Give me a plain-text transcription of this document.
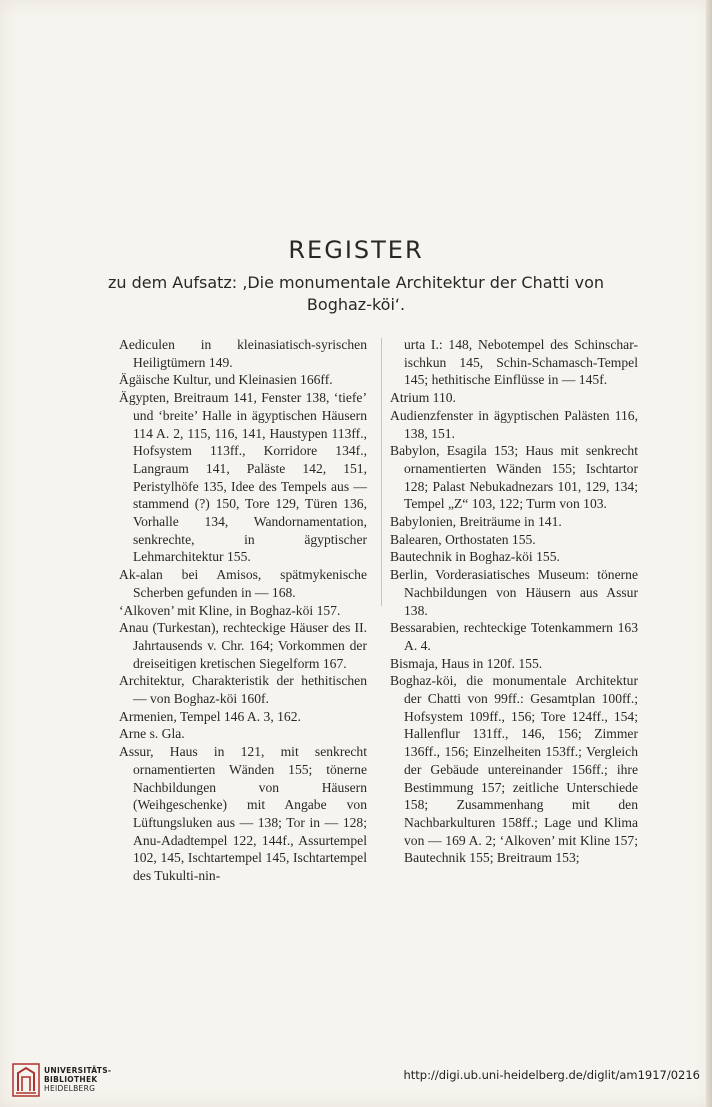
REGISTER

zu dem Aufsatz: ‚Die monumentale Architektur der Chatti von Boghaz-köi‘.

Aediculen in kleinasiatisch-syrischen Heiligtümern 149.

Ägäische Kultur, und Kleinasien 166ff.

Ägypten, Breitraum 141, Fenster 138, ‘tiefe’ und ‘breite’ Halle in ägyptischen Häusern 114 A. 2, 115, 116, 141, Haustypen 113ff., Hofsystem 113ff., Korridore 134f., Langraum 141, Paläste 142, 151, Peristylhöfe 135, Idee des Tempels aus — stammend (?) 150, Tore 129, Türen 136, Vorhalle 134, Wandornamentation, senkrechte, in ägyptischer Lehmarchitektur 155.

Ak-alan bei Amisos, spätmykenische Scherben gefunden in — 168.

‘Alkoven’ mit Kline, in Boghaz-köi 157.

Anau (Turkestan), rechteckige Häuser des II. Jahrtausends v. Chr. 164; Vorkommen der dreiseitigen kretischen Siegelform 167.

Architektur, Charakteristik der hethitischen — von Boghaz-köi 160f.

Armenien, Tempel 146 A. 3, 162.

Arne s. Gla.

Assur, Haus in 121, mit senkrecht ornamentierten Wänden 155; tönerne Nachbildungen von Häusern (Weihgeschenke) mit Angabe von Lüftungsluken aus — 138; Tor in — 128; Anu-Adadtempel 122, 144f., Assurtempel 102, 145, Ischtartempel 145, Ischtartempel des Tukulti-nin-

urta I.: 148, Nebotempel des Schinschar-ischkun 145, Schin-Schamasch-Tempel 145; hethitische Einflüsse in — 145f.

Atrium 110.

Audienzfenster in ägyptischen Palästen 116, 138, 151.

Babylon, Esagila 153; Haus mit senkrecht ornamentierten Wänden 155; Ischtartor 128; Palast Nebukadnezars 101, 129, 134; Tempel „Z“ 103, 122; Turm von 103.

Babylonien, Breiträume in 141.

Balearen, Orthostaten 155.

Bautechnik in Boghaz-köi 155.

Berlin, Vorderasiatisches Museum: tönerne Nachbildungen von Häusern aus Assur 138.

Bessarabien, rechteckige Totenkammern 163 A. 4.

Bismaja, Haus in 120f. 155.

Boghaz-köi, die monumentale Architektur der Chatti von 99ff.: Gesamtplan 100ff.; Hofsystem 109ff., 156; Tore 124ff., 154; Hallenflur 131ff., 146, 156; Zimmer 136ff., 156; Einzelheiten 153ff.; Vergleich der Gebäude untereinander 156ff.; ihre Bestimmung 157; zeitliche Unterschiede 158; Zusammenhang mit den Nachbarkulturen 158ff.; Lage und Klima von — 169 A. 2; ‘Alkoven’ mit Kline 157; Bautechnik 155; Breitraum 153;

UNIVERSITÄTS-
BIBLIOTHEK
HEIDELBERG
http://digi.ub.uni-heidelberg.de/diglit/am1917/0216
